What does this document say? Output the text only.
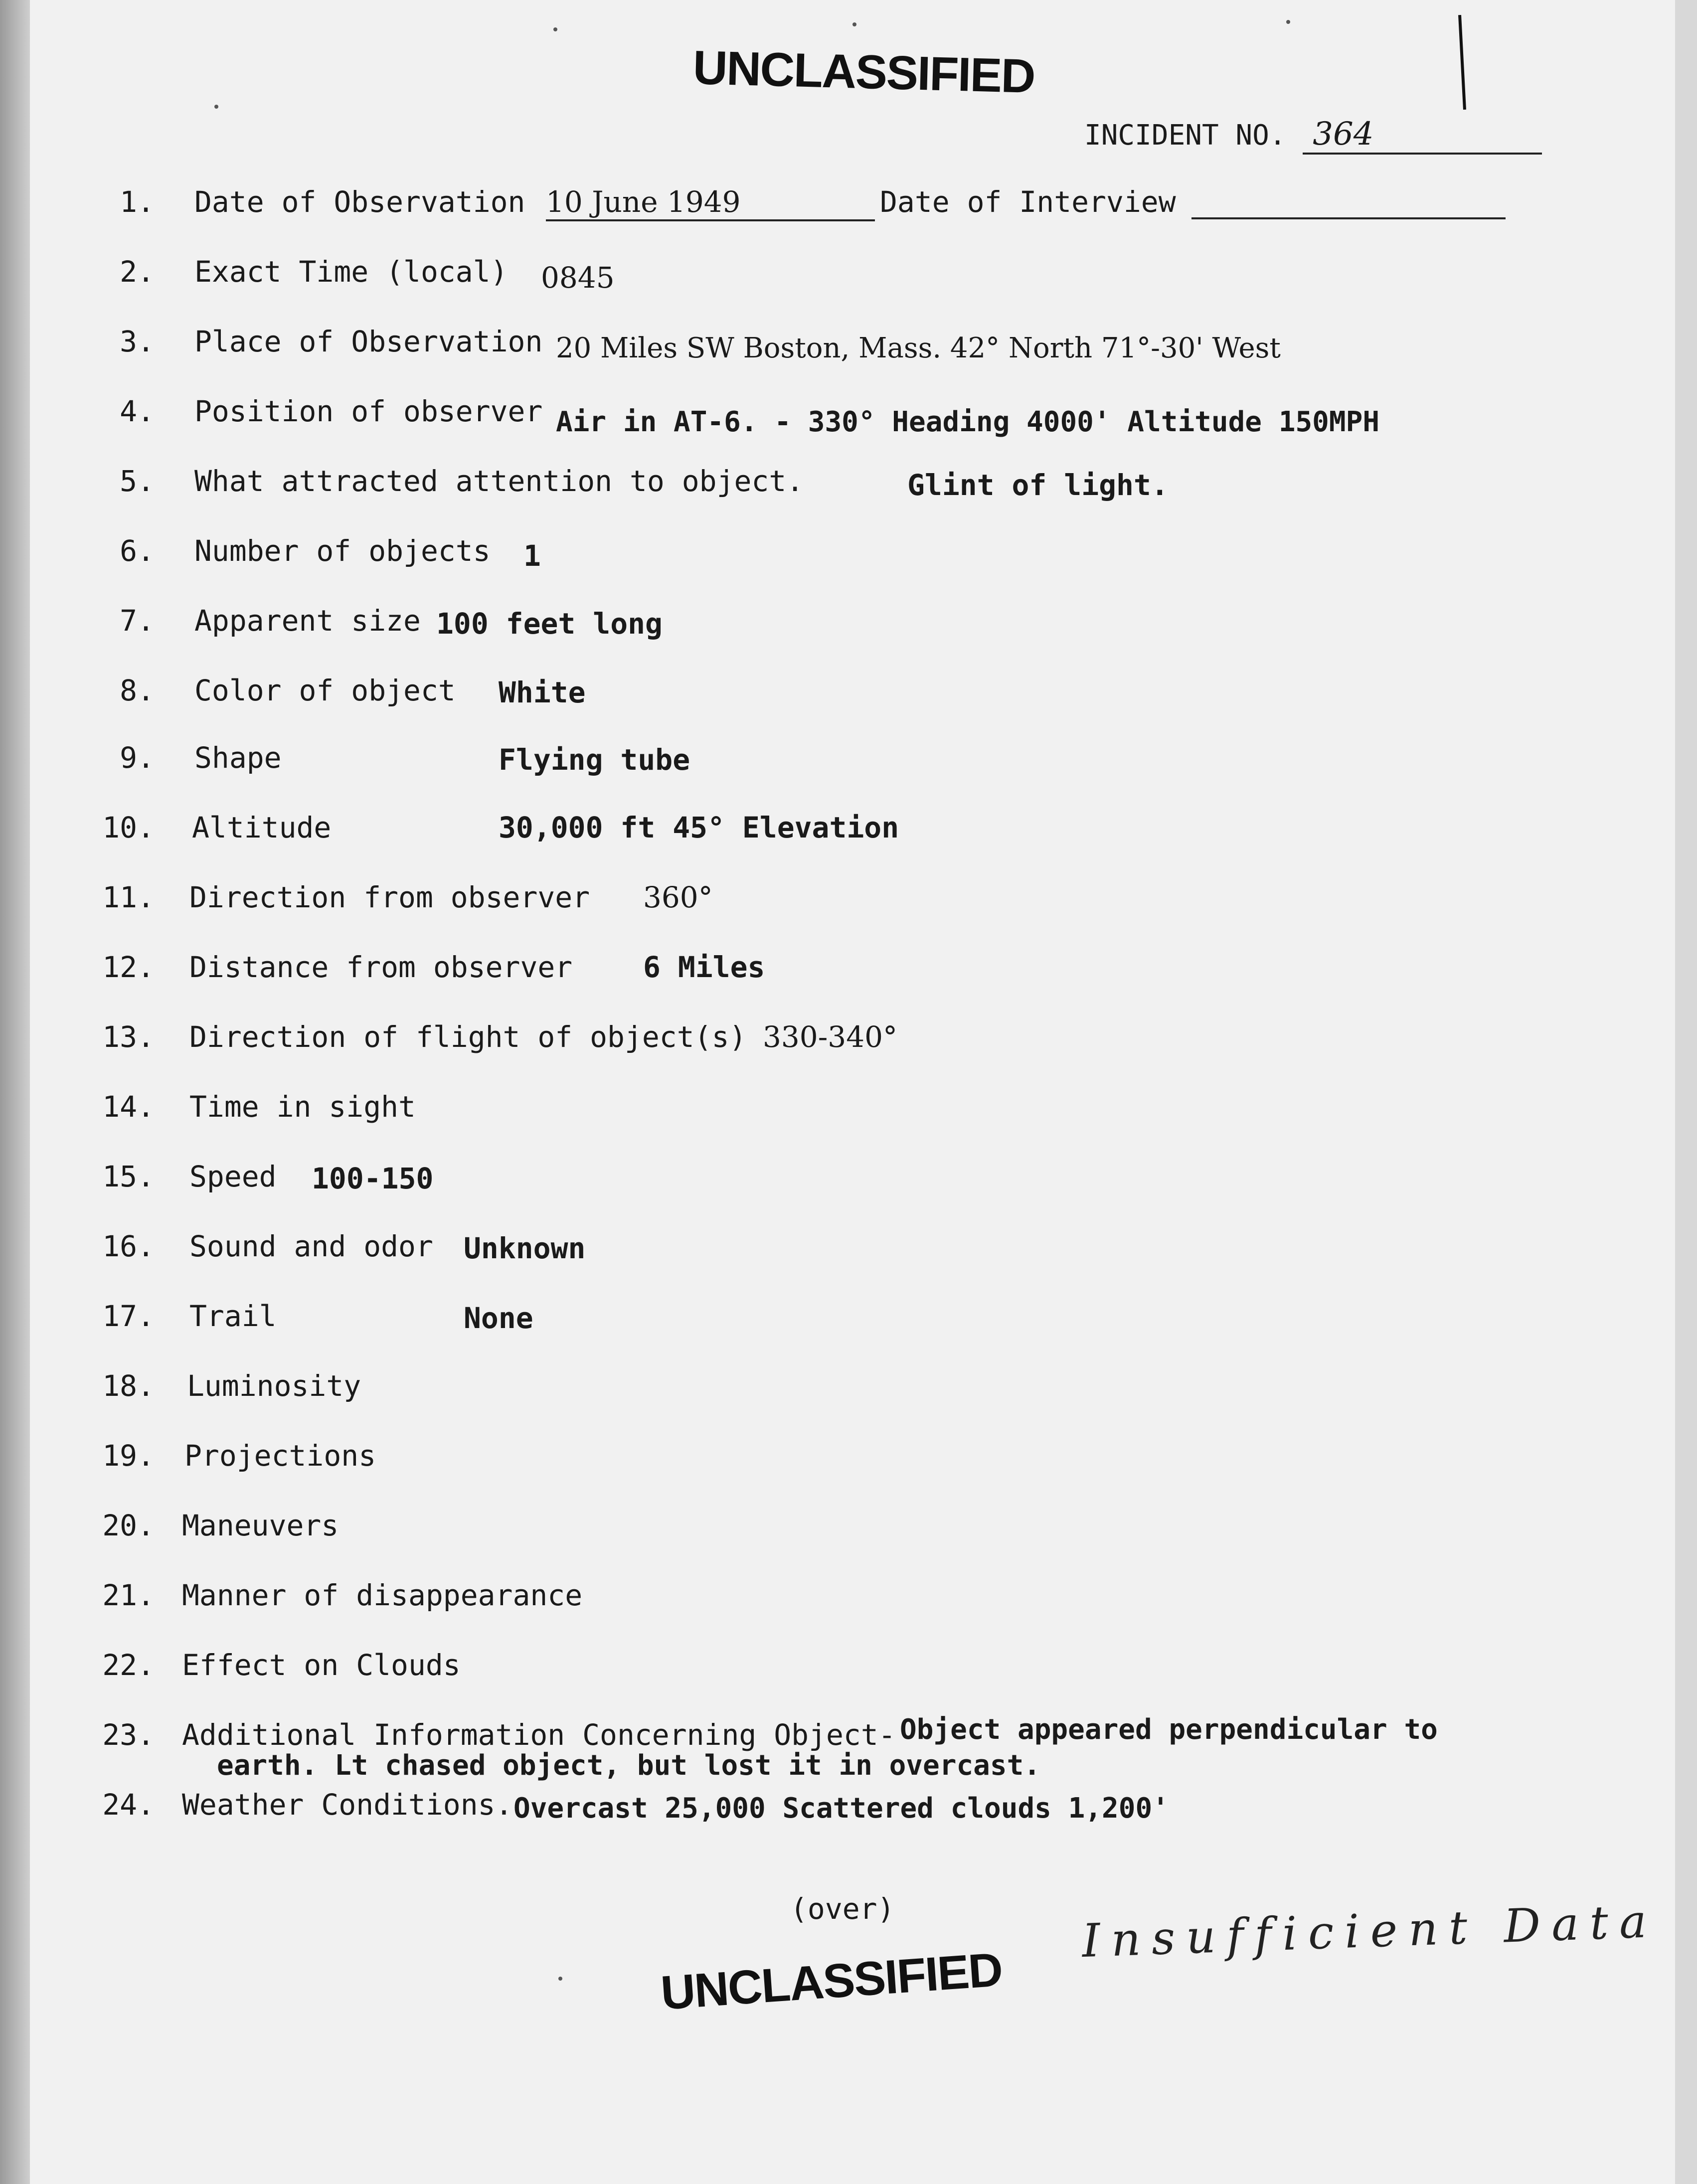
UNCLASSIFIED
INCIDENT NO. 364
1. Date of Observation 10 June 1949	Date of Interview
2. Exact Time (local) 0845
3. Place of Observation 20 Miles SW Boston, Mass. 42° North 71°-30' West
4. Position of observer Air in AT-6. - 330° Heading 4000' Altitude 150MPH
5. What attracted attention to object.	Glint of light.
6. Number of objects 1
7. Apparent size 100 feet long
8. Color of object White
9. Shape	Flying tube
10. Altitude	30,000 ft 45° Elevation
11. Direction from observer 360°
12. Distance from observer 6 Miles
13. Direction of flight of object(s) 330-340°
14. Time in sight
15. Speed 100-150
16. Sound and odor Unknown
17. Trail	None
18. Luminosity
19. Projections
20. Maneuvers
21. Manner of disappearance
22. Effect on Clouds
23. Additional Information Concerning Object- Object appeared perpendicular to
earth. Lt chased object, but lost it in overcast.
24. Weather Conditions. Overcast 25,000 Scattered clouds 1,200'
(over)	Insufficient Data
UNCLASSIFIED
